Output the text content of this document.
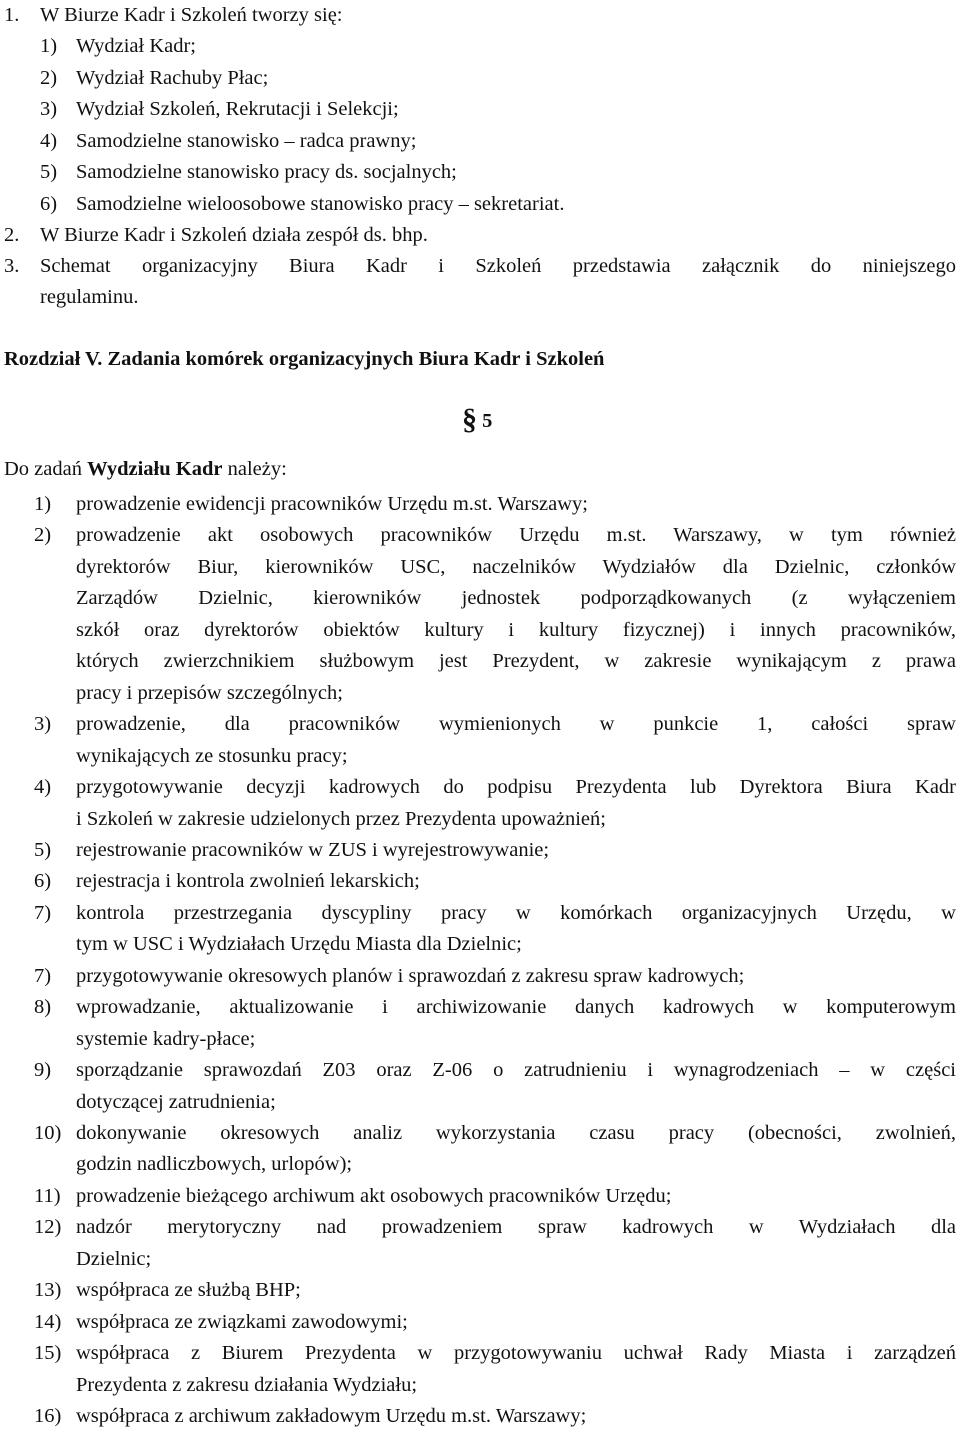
1. W Biurze Kadr i Szkoleń tworzy się:
1) Wydział Kadr;
2) Wydział Rachuby Płac;
3) Wydział Szkoleń, Rekrutacji i Selekcji;
4) Samodzielne stanowisko – radca prawny;
5) Samodzielne stanowisko pracy ds. socjalnych;
6) Samodzielne wieloosobowe stanowisko pracy – sekretariat.
2. W Biurze Kadr i Szkoleń działa zespół ds. bhp.
3. Schemat organizacyjny Biura Kadr i Szkoleń przedstawia załącznik do niniejszego
regulaminu.
Rozdział V. Zadania komórek organizacyjnych Biura Kadr i Szkoleń
§ 5
Do zadań Wydziału Kadr należy:
1) prowadzenie ewidencji pracowników Urzędu m.st. Warszawy;
2) prowadzenie akt osobowych pracowników Urzędu m.st. Warszawy, w tym również
dyrektorów Biur, kierowników USC, naczelników Wydziałów dla Dzielnic, członków
Zarządów Dzielnic, kierowników jednostek podporządkowanych (z wyłączeniem
szkół oraz dyrektorów obiektów kultury i kultury fizycznej) i innych pracowników,
których zwierzchnikiem służbowym jest Prezydent, w zakresie wynikającym z prawa
pracy i przepisów szczególnych;
3) prowadzenie, dla pracowników wymienionych w punkcie 1, całości spraw
wynikających ze stosunku pracy;
4) przygotowywanie decyzji kadrowych do podpisu Prezydenta lub Dyrektora Biura Kadr
i Szkoleń w zakresie udzielonych przez Prezydenta upoważnień;
5) rejestrowanie pracowników w ZUS i wyrejestrowywanie;
6) rejestracja i kontrola zwolnień lekarskich;
7) kontrola przestrzegania dyscypliny pracy w komórkach organizacyjnych Urzędu, w
tym w USC i Wydziałach Urzędu Miasta dla Dzielnic;
7) przygotowywanie okresowych planów i sprawozdań z zakresu spraw kadrowych;
8) wprowadzanie, aktualizowanie i archiwizowanie danych kadrowych w komputerowym
systemie kadry-płace;
9) sporządzanie sprawozdań Z03 oraz Z-06 o zatrudnieniu i wynagrodzeniach – w części
dotyczącej zatrudnienia;
10) dokonywanie okresowych analiz wykorzystania czasu pracy (obecności, zwolnień,
godzin nadliczbowych, urlopów);
11) prowadzenie bieżącego archiwum akt osobowych pracowników Urzędu;
12) nadzór merytoryczny nad prowadzeniem spraw kadrowych w Wydziałach dla
Dzielnic;
13) współpraca ze służbą BHP;
14) współpraca ze związkami zawodowymi;
15) współpraca z Biurem Prezydenta w przygotowywaniu uchwał Rady Miasta i zarządzeń
Prezydenta z zakresu działania Wydziału;
16) współpraca z archiwum zakładowym Urzędu m.st. Warszawy;
